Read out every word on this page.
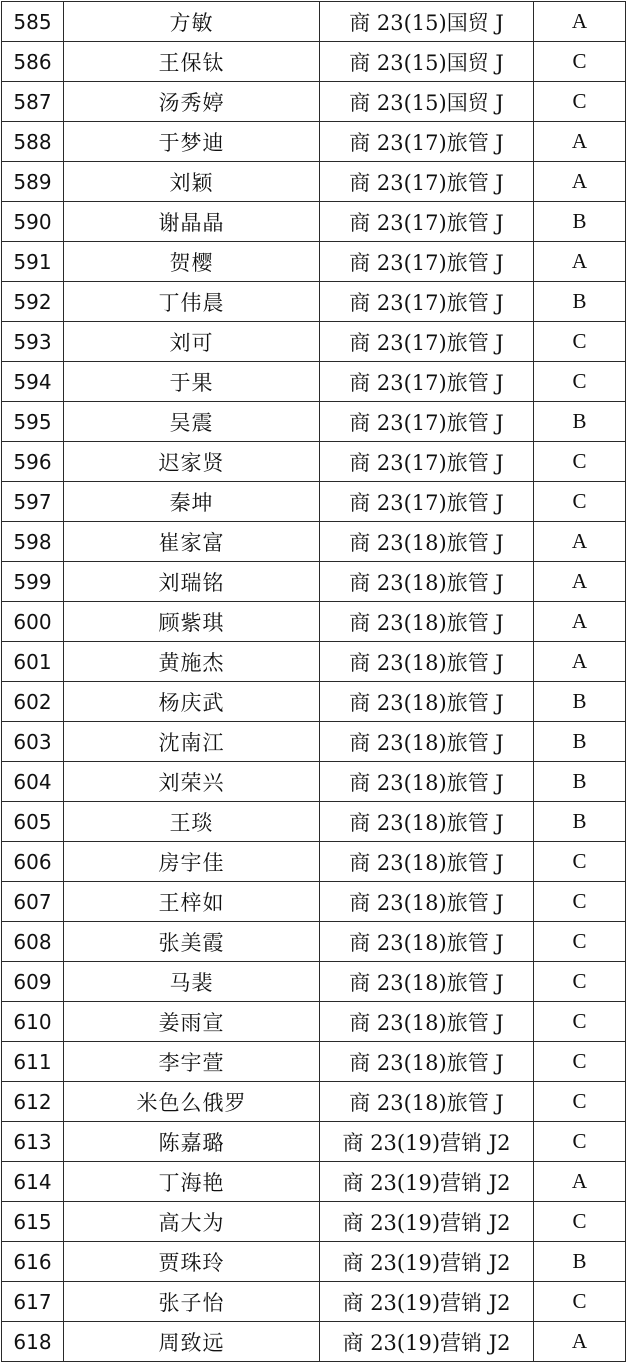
585	方敏	商 23(15)国贸 J	A
586	王保钛	商 23(15)国贸 J	C
587	汤秀婷	商 23(15)国贸 J	C
588	于梦迪	商 23(17)旅管 J	A
589	刘颖	商 23(17)旅管 J	A
590	谢晶晶	商 23(17)旅管 J	B
591	贺樱	商 23(17)旅管 J	A
592	丁伟晨	商 23(17)旅管 J	B
593	刘可	商 23(17)旅管 J	C
594	于果	商 23(17)旅管 J	C
595	吴震	商 23(17)旅管 J	B
596	迟家贤	商 23(17)旅管 J	C
597	秦坤	商 23(17)旅管 J	C
598	崔家富	商 23(18)旅管 J	A
599	刘瑞铭	商 23(18)旅管 J	A
600	顾紫琪	商 23(18)旅管 J	A
601	黄施杰	商 23(18)旅管 J	A
602	杨庆武	商 23(18)旅管 J	B
603	沈南江	商 23(18)旅管 J	B
604	刘荣兴	商 23(18)旅管 J	B
605	王琰	商 23(18)旅管 J	B
606	房宇佳	商 23(18)旅管 J	C
607	王梓如	商 23(18)旅管 J	C
608	张美霞	商 23(18)旅管 J	C
609	马裴	商 23(18)旅管 J	C
610	姜雨宣	商 23(18)旅管 J	C
611	李宇萱	商 23(18)旅管 J	C
612	米色么俄罗	商 23(18)旅管 J	C
613	陈嘉璐	商 23(19)营销 J2	C
614	丁海艳	商 23(19)营销 J2	A
615	高大为	商 23(19)营销 J2	C
616	贾珠玲	商 23(19)营销 J2	B
617	张子怡	商 23(19)营销 J2	C
618	周致远	商 23(19)营销 J2	A
